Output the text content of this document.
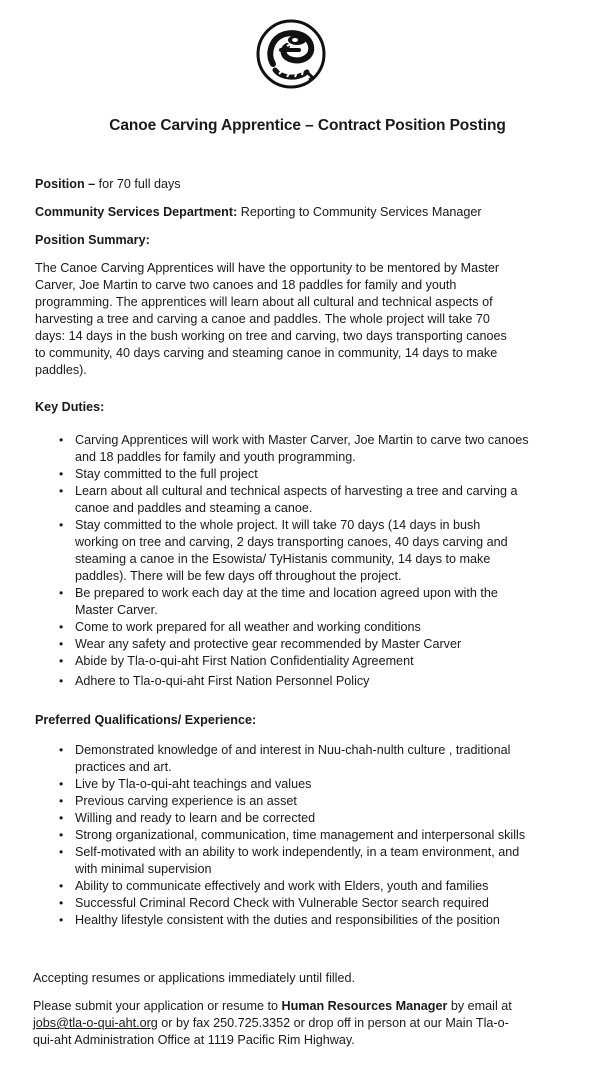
Canoe Carving Apprentice – Contract Position Posting
Position – for 70 full days
Community Services Department: Reporting to Community Services Manager
Position Summary:

The Canoe Carving Apprentices will have the opportunity to be mentored by Master

Carver, Joe Martin to carve two canoes and 18 paddles for family and youth

programming. The apprentices will learn about all cultural and technical aspects of

harvesting a tree and carving a canoe and paddles. The whole project will take 70

days: 14 days in the bush working on tree and carving, two days transporting canoes

to community, 40 days carving and steaming canoe in community, 14 days to make

paddles).

Key Duties:
• Carving Apprentices will work with Master Carver, Joe Martin to carve two canoes
and 18 paddles for family and youth programming.
• Stay committed to the full project
• Learn about all cultural and technical aspects of harvesting a tree and carving a
canoe and paddles and steaming a canoe.
• Stay committed to the whole project. It will take 70 days (14 days in bush
working on tree and carving, 2 days transporting canoes, 40 days carving and
steaming a canoe in the Esowista/ TyHistanis community, 14 days to make
paddles). There will be few days off throughout the project.
• Be prepared to work each day at the time and location agreed upon with the
Master Carver.
• Come to work prepared for all weather and working conditions
• Wear any safety and protective gear recommended by Master Carver
• Abide by Tla-o-qui-aht First Nation Confidentiality Agreement
• Adhere to Tla-o-qui-aht First Nation Personnel Policy
Preferred Qualifications/ Experience:
• Demonstrated knowledge of and interest in Nuu-chah-nulth culture , traditional
practices and art.
• Live by Tla-o-qui-aht teachings and values
• Previous carving experience is an asset
• Willing and ready to learn and be corrected
• Strong organizational, communication, time management and interpersonal skills
• Self-motivated with an ability to work independently, in a team environment, and
with minimal supervision
• Ability to communicate effectively and work with Elders, youth and families
• Successful Criminal Record Check with Vulnerable Sector search required
• Healthy lifestyle consistent with the duties and responsibilities of the position
Accepting resumes or applications immediately until filled.

Please submit your application or resume to Human Resources Manager by email at

jobs@tla-o-qui-aht.org or by fax 250.725.3352 or drop off in person at our Main Tla-o-

qui-aht Administration Office at 1119 Pacific Rim Highway.
